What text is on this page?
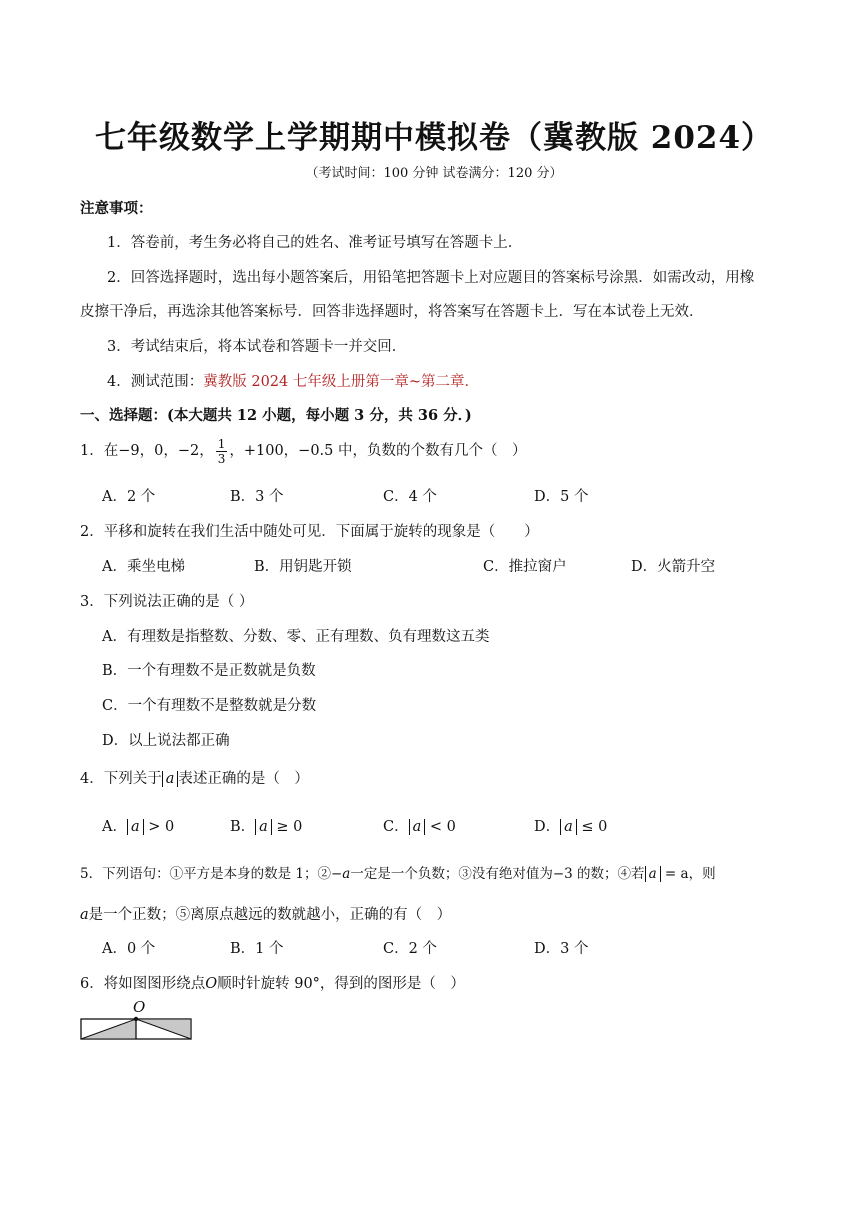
七年级数学上学期期中模拟卷（冀教版 2024）
（考试时间：100 分钟 试卷满分：120 分）
注意事项：
1．答卷前，考生务必将自己的姓名、准考证号填写在答题卡上．
2．回答选择题时，选出每小题答案后，用铅笔把答题卡上对应题目的答案标号涂黑．如需改动，用橡
皮擦干净后，再选涂其他答案标号．回答非选择题时，将答案写在答题卡上．写在本试卷上无效．
3．考试结束后，将本试卷和答题卡一并交回．
4．测试范围：冀教版 2024 七年级上册第一章~第二章．
一、选择题：(本大题共 12 小题，每小题 3 分，共 36 分．)
1．在−9，0，−2， $\frac{1}{3}$ ，+100，−0.5 中，负数的个数有几个（　）
A．2 个	B．3 个	C．4 个	D．5 个
2．平移和旋转在我们生活中随处可见．下面属于旋转的现象是（　　）
A．乘坐电梯	B．用钥匙开锁	C．推拉窗户	D．火箭升空
3．下列说法正确的是（ ）
A．有理数是指整数、分数、零、正有理数、负有理数这五类
B．一个有理数不是正数就是负数
C．一个有理数不是整数就是分数
D．以上说法都正确
4．下列关于 a 表述正确的是（　）
A． a > 0	B． a ≥ 0	C． a < 0	D． a ≤ 0
5．下列语句：①平方是本身的数是 1；②−a一定是一个负数；③没有绝对值为−3 的数；④若 a = a，则
a是一个正数；⑤离原点越远的数就越小，正确的有（　）
A．0 个	B．1 个	C．2 个	D．3 个
6．将如图图形绕点O顺时针旋转 90°，得到的图形是（　）
O
